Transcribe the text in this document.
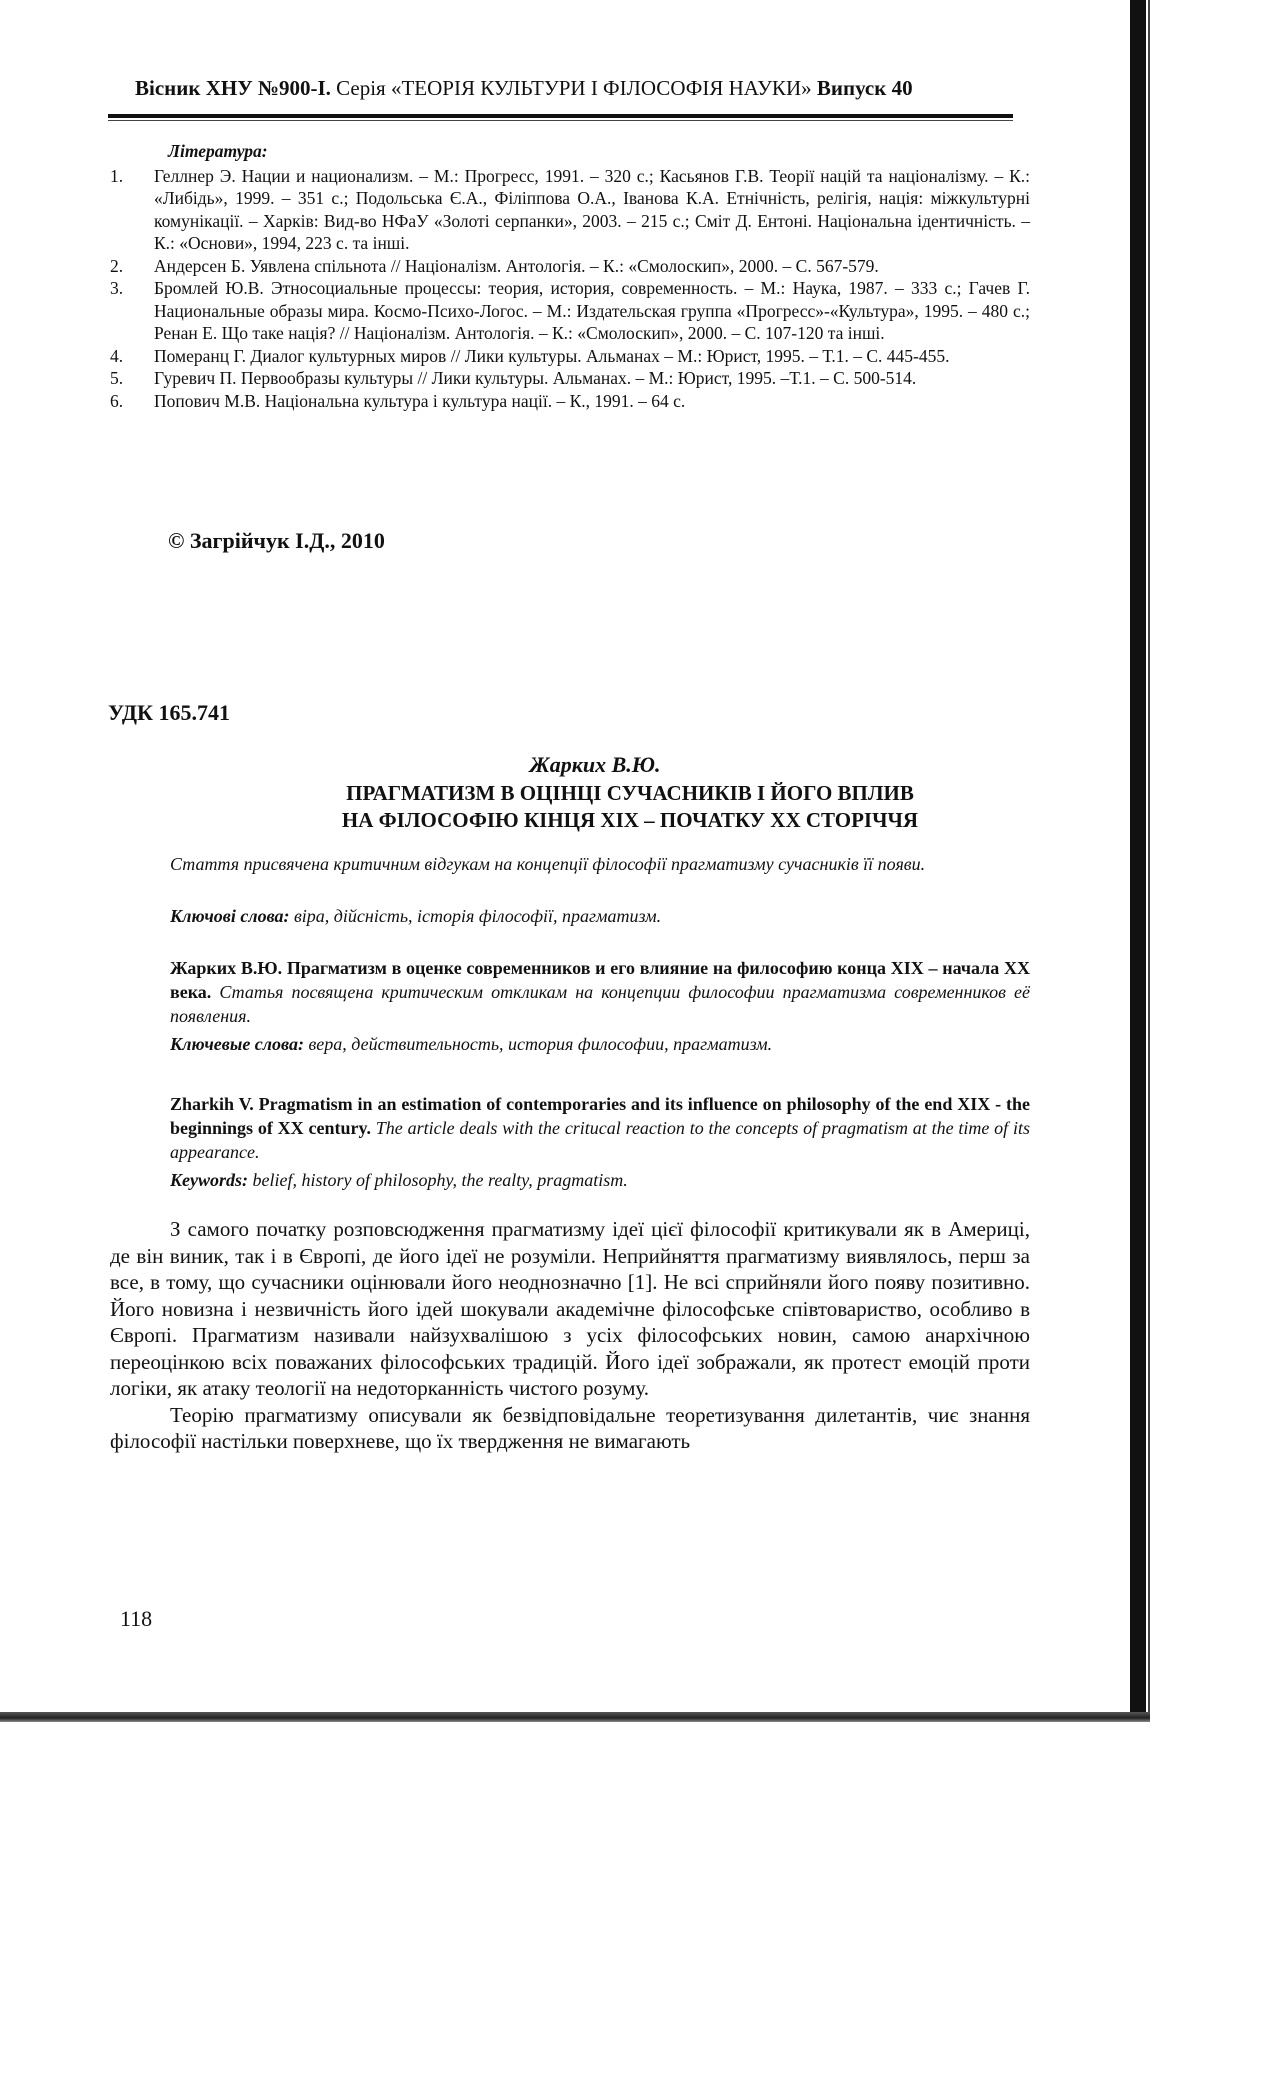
Вісник ХНУ №900-І. Серія «ТЕОРІЯ КУЛЬТУРИ І ФІЛОСОФІЯ НАУКИ» Випуск 40
Література:
1.	Геллнер Э. Нации и национализм. – М.: Прогресс, 1991. – 320 с.; Касьянов Г.В. Теорії націй та націоналізму. – К.: «Либідь», 1999. – 351 с.; Подольська Є.А., Філіппова О.А., Іванова К.А. Етнічність, релігія, нація: міжкультурні комунікації. – Харків: Вид-во НФаУ «Золоті серпанки», 2003. – 215 с.; Сміт Д. Ентоні. Національна ідентичність. – К.: «Основи», 1994, 223 с. та інші.
2.	Андерсен Б. Уявлена спільнота // Націоналізм. Антологія. – К.: «Смолоскип», 2000. – С. 567-579.
3.	Бромлей Ю.В. Этносоциальные процессы: теория, история, современность. – М.: Наука, 1987. – 333 с.; Гачев Г. Национальные образы мира. Космо-Психо-Логос. – М.: Издательская группа «Прогресс»-«Культура», 1995. – 480 с.; Ренан Е. Що таке нація? // Націоналізм. Антологія. – К.: «Смолоскип», 2000. – С. 107-120 та інші.
4.	Померанц Г. Диалог культурных миров // Лики культуры. Альманах – М.: Юрист, 1995. – Т.1. – С. 445-455.
5.	Гуревич П. Первообразы культуры // Лики культуры. Альманах. – М.: Юрист, 1995. –Т.1. – С. 500-514.
6.	Попович М.В. Національна культура і культура нації. – К., 1991. – 64 с.
© Загрійчук І.Д., 2010
УДК 165.741
Жарких В.Ю.
ПРАГМАТИЗМ В ОЦІНЦІ СУЧАСНИКІВ І ЙОГО ВПЛИВ
НА ФІЛОСОФІЮ КІНЦЯ ХІХ – ПОЧАТКУ ХХ СТОРІЧЧЯ
Стаття присвячена критичним відгукам на концепції філософії прагматизму сучасників її появи.
Ключові слова: віра, дійсність, історія філософії, прагматизм.
Жарких В.Ю. Прагматизм в оценке современников и его влияние на философию конца XIX – начала XX века. Статья посвящена критическим откликам на концепции философии прагматизма современников её появления.
Ключевые слова: вера, действительность, история философии, прагматизм.
Zharkih V. Pragmatism in an estimation of contemporaries and its influence on philosophy of the end XIX - the beginnings of XX century. The article deals with the critucal reaction to the concepts of pragmatism at the time of its appearance.
Keywords: belief, history of philosophy, the realty, pragmatism.

З самого початку розповсюдження прагматизму ідеї цієї філософії критикували як в Америці, де він виник, так і в Європі, де його ідеї не розуміли. Неприйняття прагматизму виявлялось, перш за все, в тому, що сучасники оцінювали його неоднозначно [1]. Не всі сприйняли його появу позитивно. Його новизна і незвичність його ідей шокували академічне філософське співтовариство, особливо в Європі. Прагматизм називали найзухвалішою з усіх філософських новин, самою анархічною переоцінкою всіх поважаних філософських традицій. Його ідеї зображали, як протест емоцій проти логіки, як атаку теології на недоторканність чистого розуму.

Теорію прагматизму описували як безвідповідальне теоретизування дилетантів, чиє знання філософії настільки поверхневе, що їх твердження не вимагають

118
